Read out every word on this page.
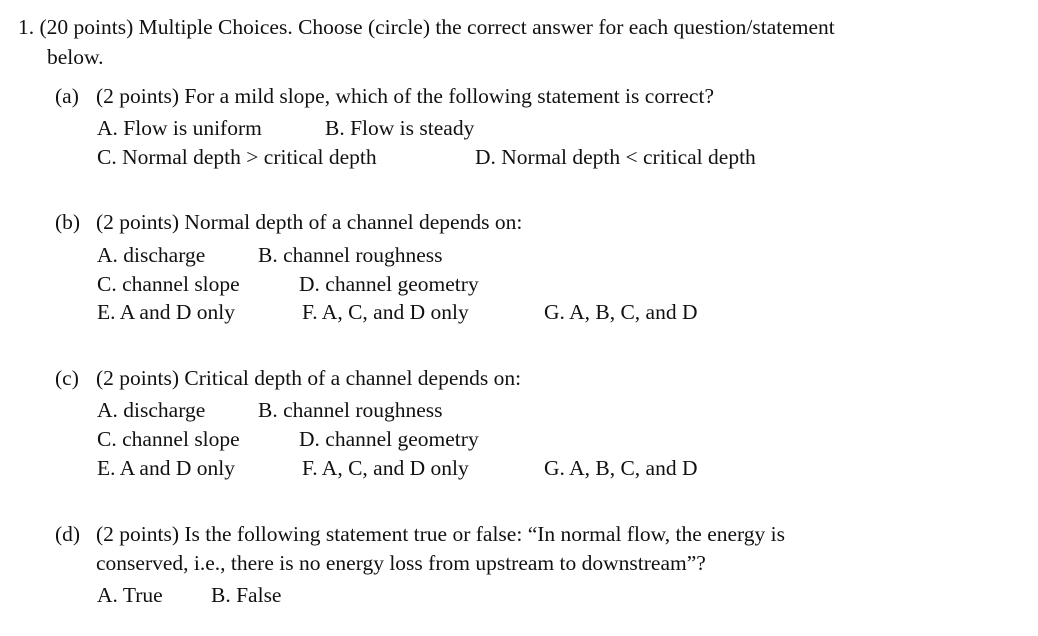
1. (20 points) Multiple Choices. Choose (circle) the correct answer for each question/statement
below.
(a) (2 points) For a mild slope, which of the following statement is correct?
A. Flow is uniform	B. Flow is steady
C. Normal depth > critical depth	D. Normal depth < critical depth
(b) (2 points) Normal depth of a channel depends on:
A. discharge B. channel roughness
C. channel slope	D. channel geometry
E. A and D only	F. A, C, and D only	G. A, B, C, and D
(c) (2 points) Critical depth of a channel depends on:
A. discharge B. channel roughness
C. channel slope	D. channel geometry
E. A and D only	F. A, C, and D only	G. A, B, C, and D
(d) (2 points) Is the following statement true or false: “In normal flow, the energy is
conserved, i.e., there is no energy loss from upstream to downstream”?
A. True B. False
